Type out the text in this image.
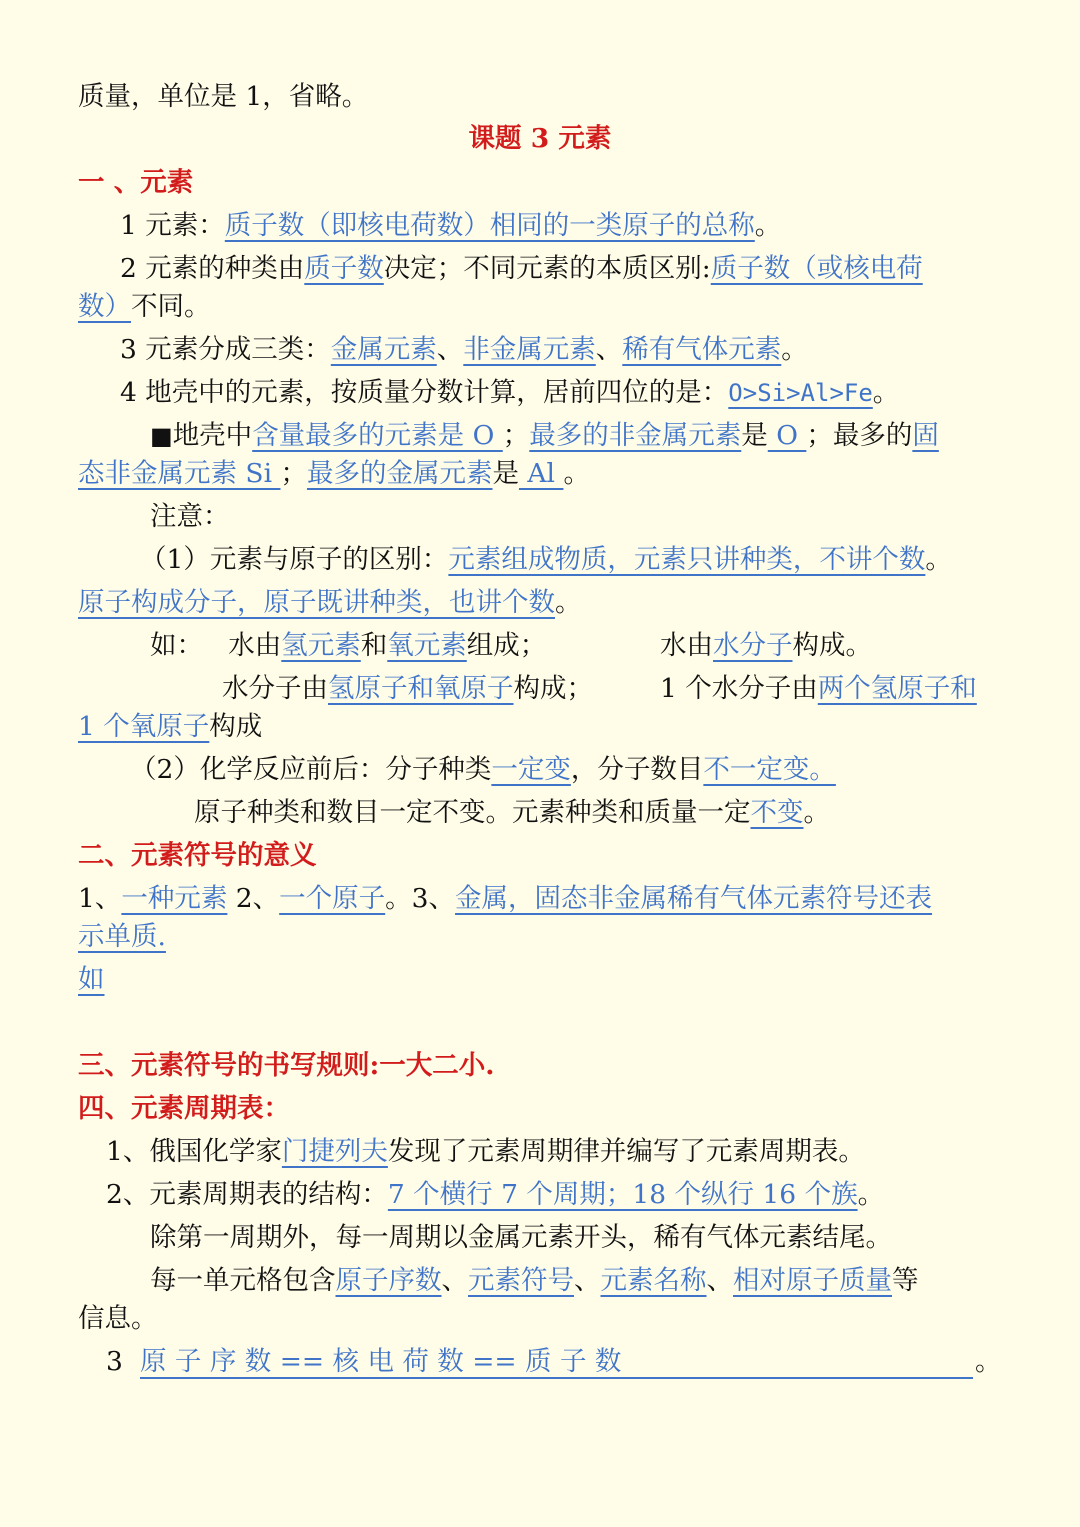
质量，单位是 1，省略。
课题 3 元素
一 、元素
1 元素：质子数（即核电荷数）相同的一类原子的总称。
2 元素的种类由质子数决定；不同元素的本质区别:质子数（或核电荷
数）不同。
3 元素分成三类：金属元素、非金属元素、稀有气体元素。
4 地壳中的元素，按质量分数计算，居前四位的是：O>Si>Al>Fe。
■地壳中含量最多的元素是 O ；最多的非金属元素是 O ；最多的固
态非金属元素 Si ；最多的金属元素是 Al 。
注意：
（1）元素与原子的区别：元素组成物质，元素只讲种类，不讲个数。
原子构成分子，原子既讲种类，也讲个数。
如： 水由氢元素和氧元素组成；	水由水分子构成。
水分子由氢原子和氧原子构成；	1 个水分子由两个氢原子和
1 个氧原子构成
（2）化学反应前后：分子种类一定变，分子数目不一定变。
原子种类和数目一定不变。元素种类和质量一定不变。
二、元素符号的意义
1、一种元素 2、一个原子。3、金属，固态非金属稀有气体元素符号还表
示单质.
如
三、元素符号的书写规则:一大二小.
四、元素周期表：
1、俄国化学家门捷列夫发现了元素周期律并编写了元素周期表。
2、元素周期表的结构：7 个横行 7 个周期；18 个纵行 16 个族。
除第一周期外，每一周期以金属元素开头，稀有气体元素结尾。
每一单元格包含原子序数、元素符号、元素名称、相对原子质量等
信息。
3 原 子 序 数 == 核 电 荷 数 == 质 子 数	。
